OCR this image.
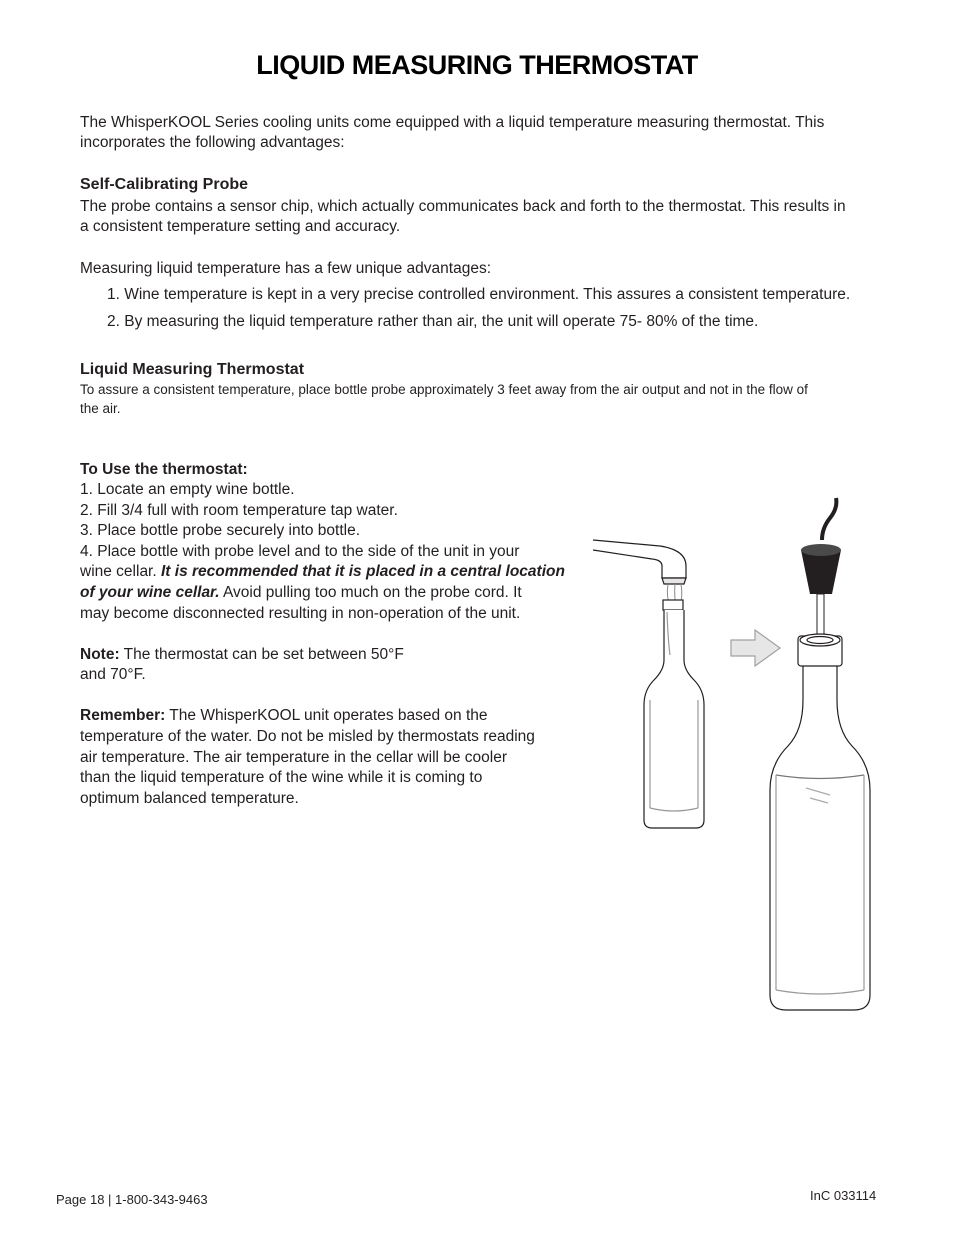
LIQUID MEASURING THERMOSTAT
The WhisperKOOL Series cooling units come equipped with a liquid temperature measuring thermostat. This
incorporates the following advantages:
Self-Calibrating Probe
The probe contains a sensor chip, which actually communicates back and forth to the thermostat. This results in
a consistent temperature setting and accuracy.
Measuring liquid temperature has a few unique advantages:
1. Wine temperature is kept in a very precise controlled environment. This assures a consistent temperature.
2. By measuring the liquid temperature rather than air, the unit will operate 75- 80% of the time.
Liquid Measuring Thermostat
To assure a consistent temperature, place bottle probe approximately 3 feet away from the air output and not in the flow of
the air.
To Use the thermostat:
1. Locate an empty wine bottle.
2. Fill 3/4 full with room temperature tap water.
3. Place bottle probe securely into bottle.
4. Place bottle with probe level and to the side of the unit in your
wine cellar. It is recommended that it is placed in a central location
of your wine cellar. Avoid pulling too much on the probe cord. It
may become disconnected resulting in non-operation of the unit.
Note: The thermostat can be set between 50°F
and 70°F.
Remember: The WhisperKOOL unit operates based on the
temperature of the water. Do not be misled by thermostats reading
air temperature. The air temperature in the cellar will be cooler
than the liquid temperature of the wine while it is coming to
optimum balanced temperature.
Page 18 | 1-800-343-9463	InC 033114
